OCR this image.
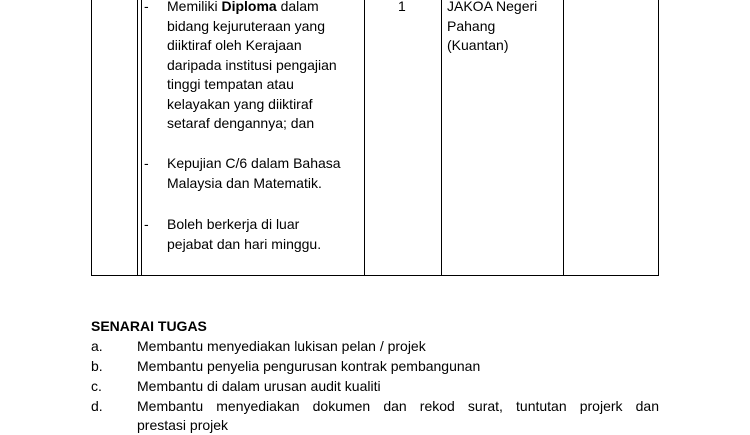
- Memiliki Diploma dalam
bidang kejuruteraan yang
diiktiraf oleh Kerajaan
daripada institusi pengajian
tinggi tempatan atau
kelayakan yang diiktiraf
setaraf dengannya; dan
- Kepujian C/6 dalam Bahasa
Malaysia dan Matematik.
- Boleh berkerja di luar
pejabat dan hari minggu.
1	JAKOA Negeri
Pahang
(Kuantan)
SENARAI TUGAS
a. Membantu menyediakan lukisan pelan / projek
b. Membantu penyelia pengurusan kontrak pembangunan
c.	Membantu di dalam urusan audit kualiti
d. Membantu menyediakan dokumen dan rekod surat, tuntutan projerk dan
prestasi projek
